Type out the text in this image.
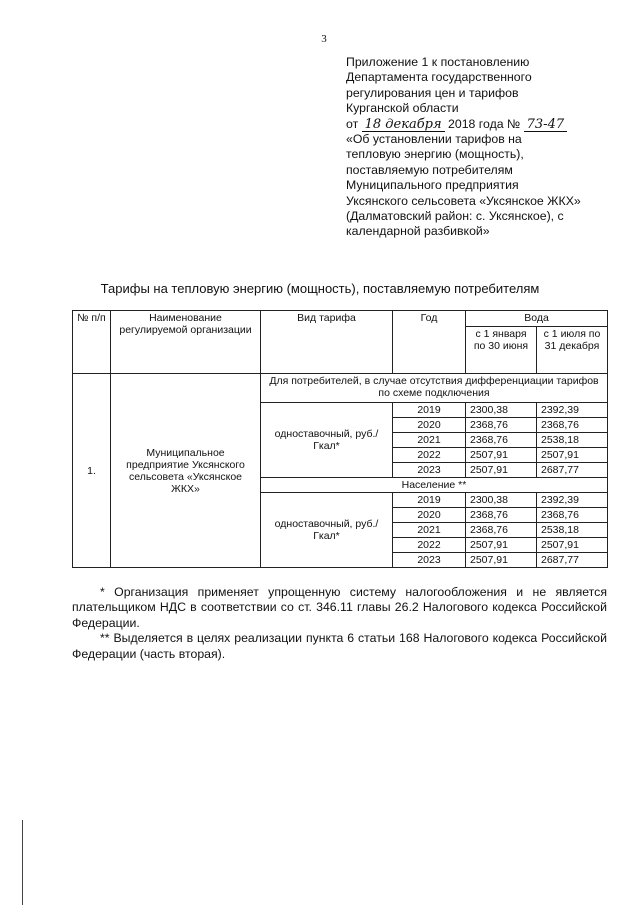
3
Приложение 1 к постановлению
Департамента государственного
регулирования цен и тарифов
Курганской области
от 18 декабря 2018 года № 73-47
«Об установлении тарифов на
тепловую энергию (мощность),
поставляемую потребителям
Муниципального предприятия
Уксянского сельсовета «Уксянское ЖКХ»
(Далматовский район: с. Уксянское), с
календарной разбивкой»
Тарифы на тепловую энергию (мощность), поставляемую потребителям
№ п/п	Наименование регулируемой организации	Вид тарифа	Год	Вода	
				с 1 января по 30 июня	с 1 июля по 31 декабря
1.	Муниципальное предприятие Уксянского сельсовета «Уксянское ЖКХ»	Для потребителей, в случае отсутствия дифференциации тарифов по схеме подключения			
		одноставочный, руб./Гкал*	2019	2300,38	2392,39
			2020	2368,76	2368,76
			2021	2368,76	2538,18
			2022	2507,91	2507,91
			2023	2507,91	2687,77
		Население **			
		одноставочный, руб./Гкал*	2019	2300,38	2392,39
			2020	2368,76	2368,76
			2021	2368,76	2538,18
			2022	2507,91	2507,91
			2023	2507,91	2687,77

* Организация применяет упрощенную систему налогообложения и не является плательщиком НДС в соответствии со ст. 346.11 главы 26.2 Налогового кодекса Российской Федерации.

** Выделяется в целях реализации пункта 6 статьи 168 Налогового кодекса Российской Федерации (часть вторая).
